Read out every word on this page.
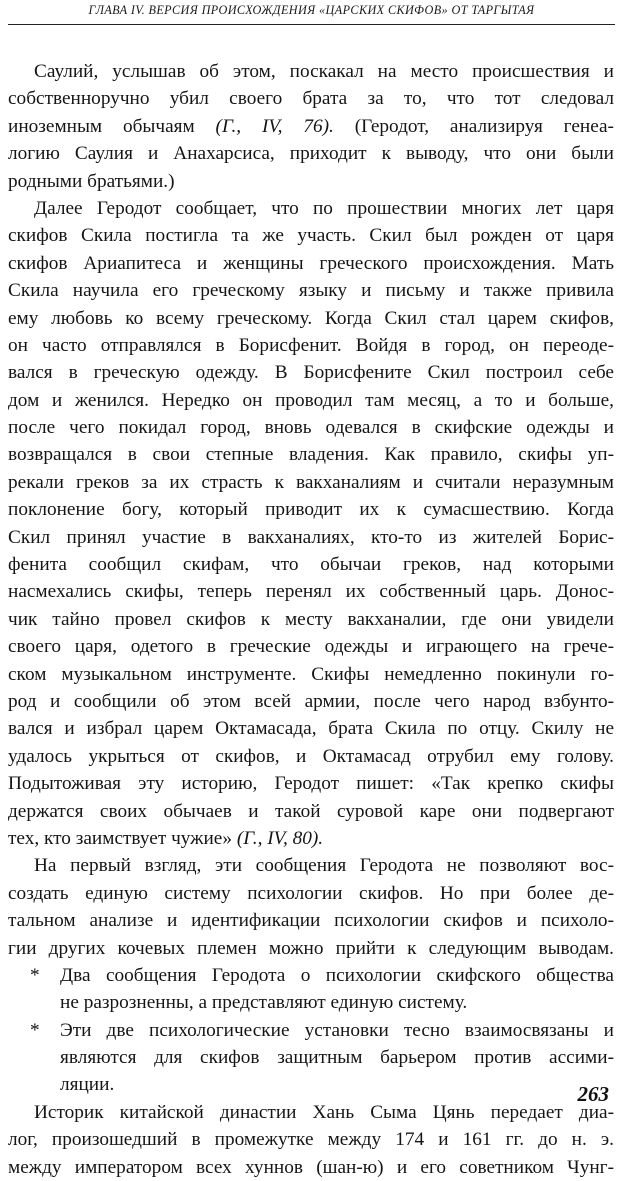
ГЛАВА IV. ВЕРСИЯ ПРОИСХОЖДЕНИЯ «ЦАРСКИХ СКИФОВ» ОТ ТАРГЫТАЯ
Саулий, услышав об этом, поскакал на место происшествия и
собственноручно убил своего брата за то, что тот следовал
иноземным обычаям (Г., IV, 76). (Геродот, анализируя генеа-
логию Саулия и Анахарсиса, приходит к выводу, что они были
родными братьями.)
Далее Геродот сообщает, что по прошествии многих лет царя
скифов Скила постигла та же участь. Скил был рожден от царя
скифов Ариапитеса и женщины греческого происхождения. Мать
Скила научила его греческому языку и письму и также привила
ему любовь ко всему греческому. Когда Скил стал царем скифов,
он часто отправлялся в Борисфенит. Войдя в город, он переоде-
вался в греческую одежду. В Борисфените Скил построил себе
дом и женился. Нередко он проводил там месяц, а то и больше,
после чего покидал город, вновь одевался в скифские одежды и
возвращался в свои степные владения. Как правило, скифы уп-
рекали греков за их страсть к вакханалиям и считали неразумным
поклонение богу, который приводит их к сумасшествию. Когда
Скил принял участие в вакханалиях, кто-то из жителей Борис-
фенита сообщил скифам, что обычаи греков, над которыми
насмехались скифы, теперь перенял их собственный царь. Донос-
чик тайно провел скифов к месту вакханалии, где они увидели
своего царя, одетого в греческие одежды и играющего на грече-
ском музыкальном инструменте. Скифы немедленно покинули го-
род и сообщили об этом всей армии, после чего народ взбунто-
вался и избрал царем Октамасада, брата Скила по отцу. Скилу не
удалось укрыться от скифов, и Октамасад отрубил ему голову.
Подытоживая эту историю, Геродот пишет: «Так крепко скифы
держатся своих обычаев и такой суровой каре они подвергают
тех, кто заимствует чужие» (Г., IV, 80).
На первый взгляд, эти сообщения Геродота не позволяют вос-
создать единую систему психологии скифов. Но при более де-
тальном анализе и идентификации психологии скифов и психоло-
гии других кочевых племен можно прийти к следующим выводам.
* Два сообщения Геродота о психологии скифского общества
не разрозненны, а представляют единую систему.
* Эти две психологические установки тесно взаимосвязаны и
являются для скифов защитным барьером против ассими-
ляции.
Историк китайской династии Хань Сыма Цянь передает диа-
лог, произошедший в промежутке между 174 и 161 гг. до н. э.
между императором всех хуннов (шан-ю) и его советником Чунг-
263
